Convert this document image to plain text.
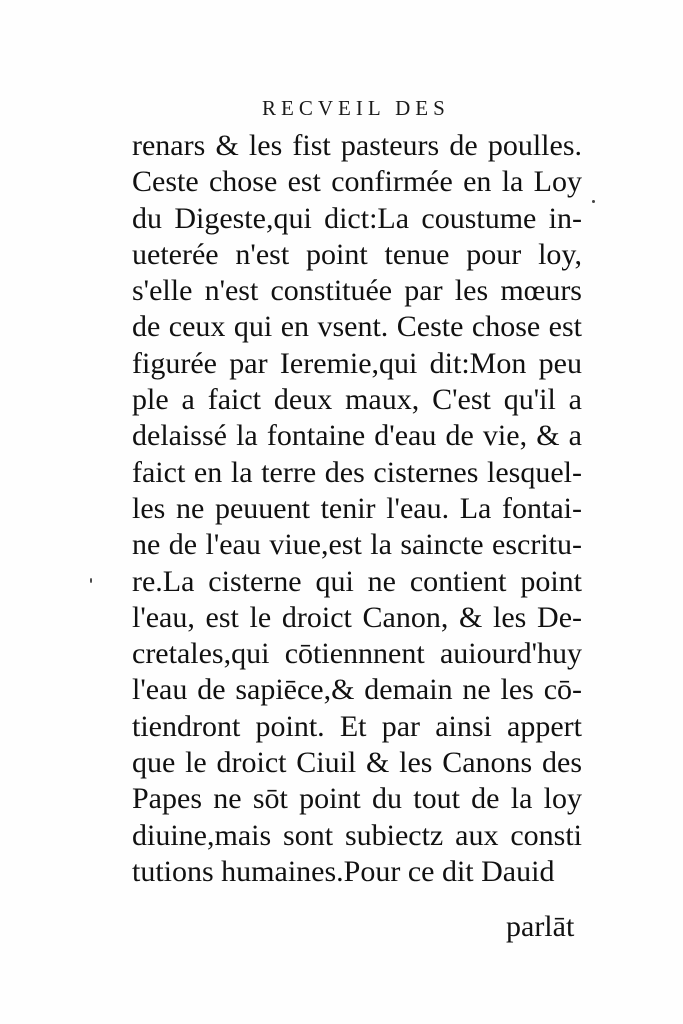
RECVEIL DES
renars & les fist pasteurs de poulles.
Ceste chose est confirmée en la Loy
du Digeste,qui dict:La coustume in-
ueterée n'est point tenue pour loy,
s'elle n'est constituée par les mœurs
de ceux qui en vsent. Ceste chose est
figurée par Ieremie,qui dit:Mon peu
ple a faict deux maux, C'est qu'il a
delaissé la fontaine d'eau de vie, & a
faict en la terre des cisternes lesquel-
les ne peuuent tenir l'eau. La fontai-
ne de l'eau viue,est la saincte escritu-
re.La cisterne qui ne contient point
l'eau, est le droict Canon, & les De-
cretales,qui cōtiennnent auiourd'huy
l'eau de sapiēce,& demain ne les cō-
tiendront point. Et par ainsi appert
que le droict Ciuil & les Canons des
Papes ne sōt point du tout de la loy
diuine,mais sont subiectz aux consti
tutions humaines.Pour ce dit Dauid
parlāt
